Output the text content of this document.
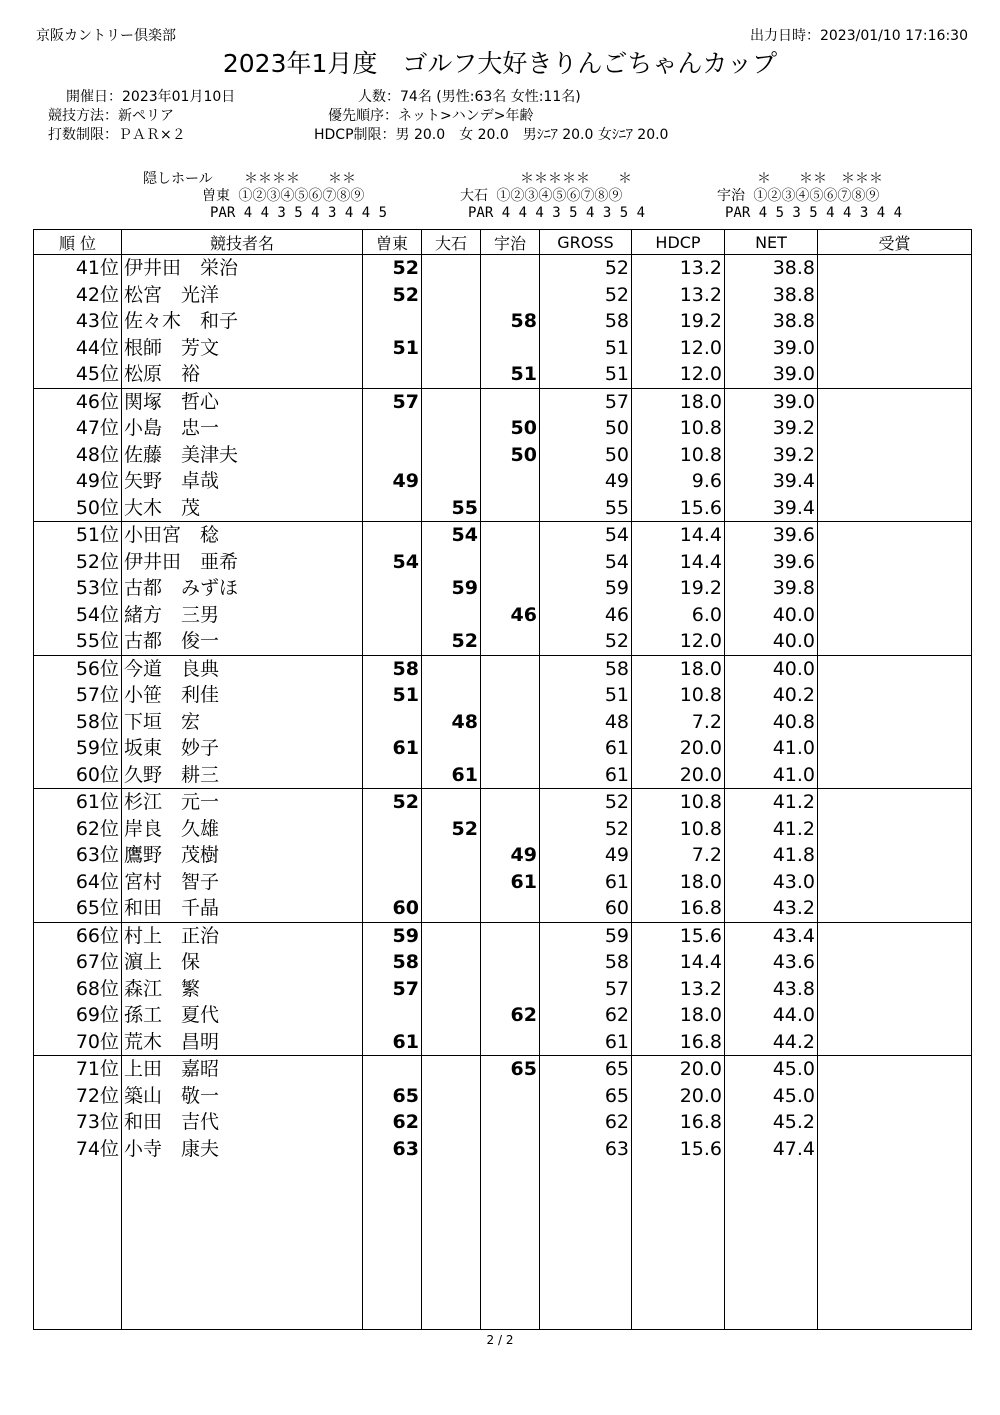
京阪カントリー倶楽部	出力日時：2023/01/10 17:16:30
2023年1月度　ゴルフ大好きりんごちゃんカップ
開催日：2023年01月10日	人数：74名 (男性:63名 女性:11名)
競技方法：新ペリア	優先順序：ネット>ハンデ>年齢
打数制限：ＰＡＲ×２	HDCP制限：男 20.0　女 20.0　男ｼﾆｱ 20.0 女ｼﾆｱ 20.0
隠しホール ＊＊＊＊　　＊＊
曽東 ①②③④⑤⑥⑦⑧⑨
PAR 4 4 3 5 4 3 4 4 5
＊＊＊＊＊　　＊
大石 ①②③④⑤⑥⑦⑧⑨
PAR 4 4 4 3 5 4 3 5 4
＊　　＊＊　＊＊＊
宇治 ①②③④⑤⑥⑦⑧⑨
PAR 4 5 3 5 4 4 3 4 4
順 位	競技者名	曽東	大石	宇治	GROSS	HDCP	NET	受賞
41位	伊井田　栄治	52			52	13.2	38.8	
42位	松宮　光洋	52			52	13.2	38.8	
43位	佐々木　和子			58	58	19.2	38.8	
44位	根師　芳文	51			51	12.0	39.0	
45位	松原　裕			51	51	12.0	39.0	
46位	関塚　哲心	57			57	18.0	39.0	
47位	小島　忠一			50	50	10.8	39.2	
48位	佐藤　美津夫			50	50	10.8	39.2	
49位	矢野　卓哉	49			49	9.6	39.4	
50位	大木　茂		55		55	15.6	39.4	
51位	小田宮　稔		54		54	14.4	39.6	
52位	伊井田　亜希	54			54	14.4	39.6	
53位	古都　みずほ		59		59	19.2	39.8	
54位	緒方　三男			46	46	6.0	40.0	
55位	古都　俊一		52		52	12.0	40.0	
56位	今道　良典	58			58	18.0	40.0	
57位	小笹　利佳	51			51	10.8	40.2	
58位	下垣　宏		48		48	7.2	40.8	
59位	坂東　妙子	61			61	20.0	41.0	
60位	久野　耕三		61		61	20.0	41.0	
61位	杉江　元一	52			52	10.8	41.2	
62位	岸良　久雄		52		52	10.8	41.2	
63位	鷹野　茂樹			49	49	7.2	41.8	
64位	宮村　智子			61	61	18.0	43.0	
65位	和田　千晶	60			60	16.8	43.2	
66位	村上　正治	59			59	15.6	43.4	
67位	濵上　保	58			58	14.4	43.6	
68位	森江　繁	57			57	13.2	43.8	
69位	孫工　夏代			62	62	18.0	44.0	
70位	荒木　昌明	61			61	16.8	44.2	
71位	上田　嘉昭			65	65	20.0	45.0	
72位	築山　敬一	65			65	20.0	45.0	
73位	和田　吉代	62			62	16.8	45.2	
74位	小寺　康夫	63			63	15.6	47.4	

2 / 2
